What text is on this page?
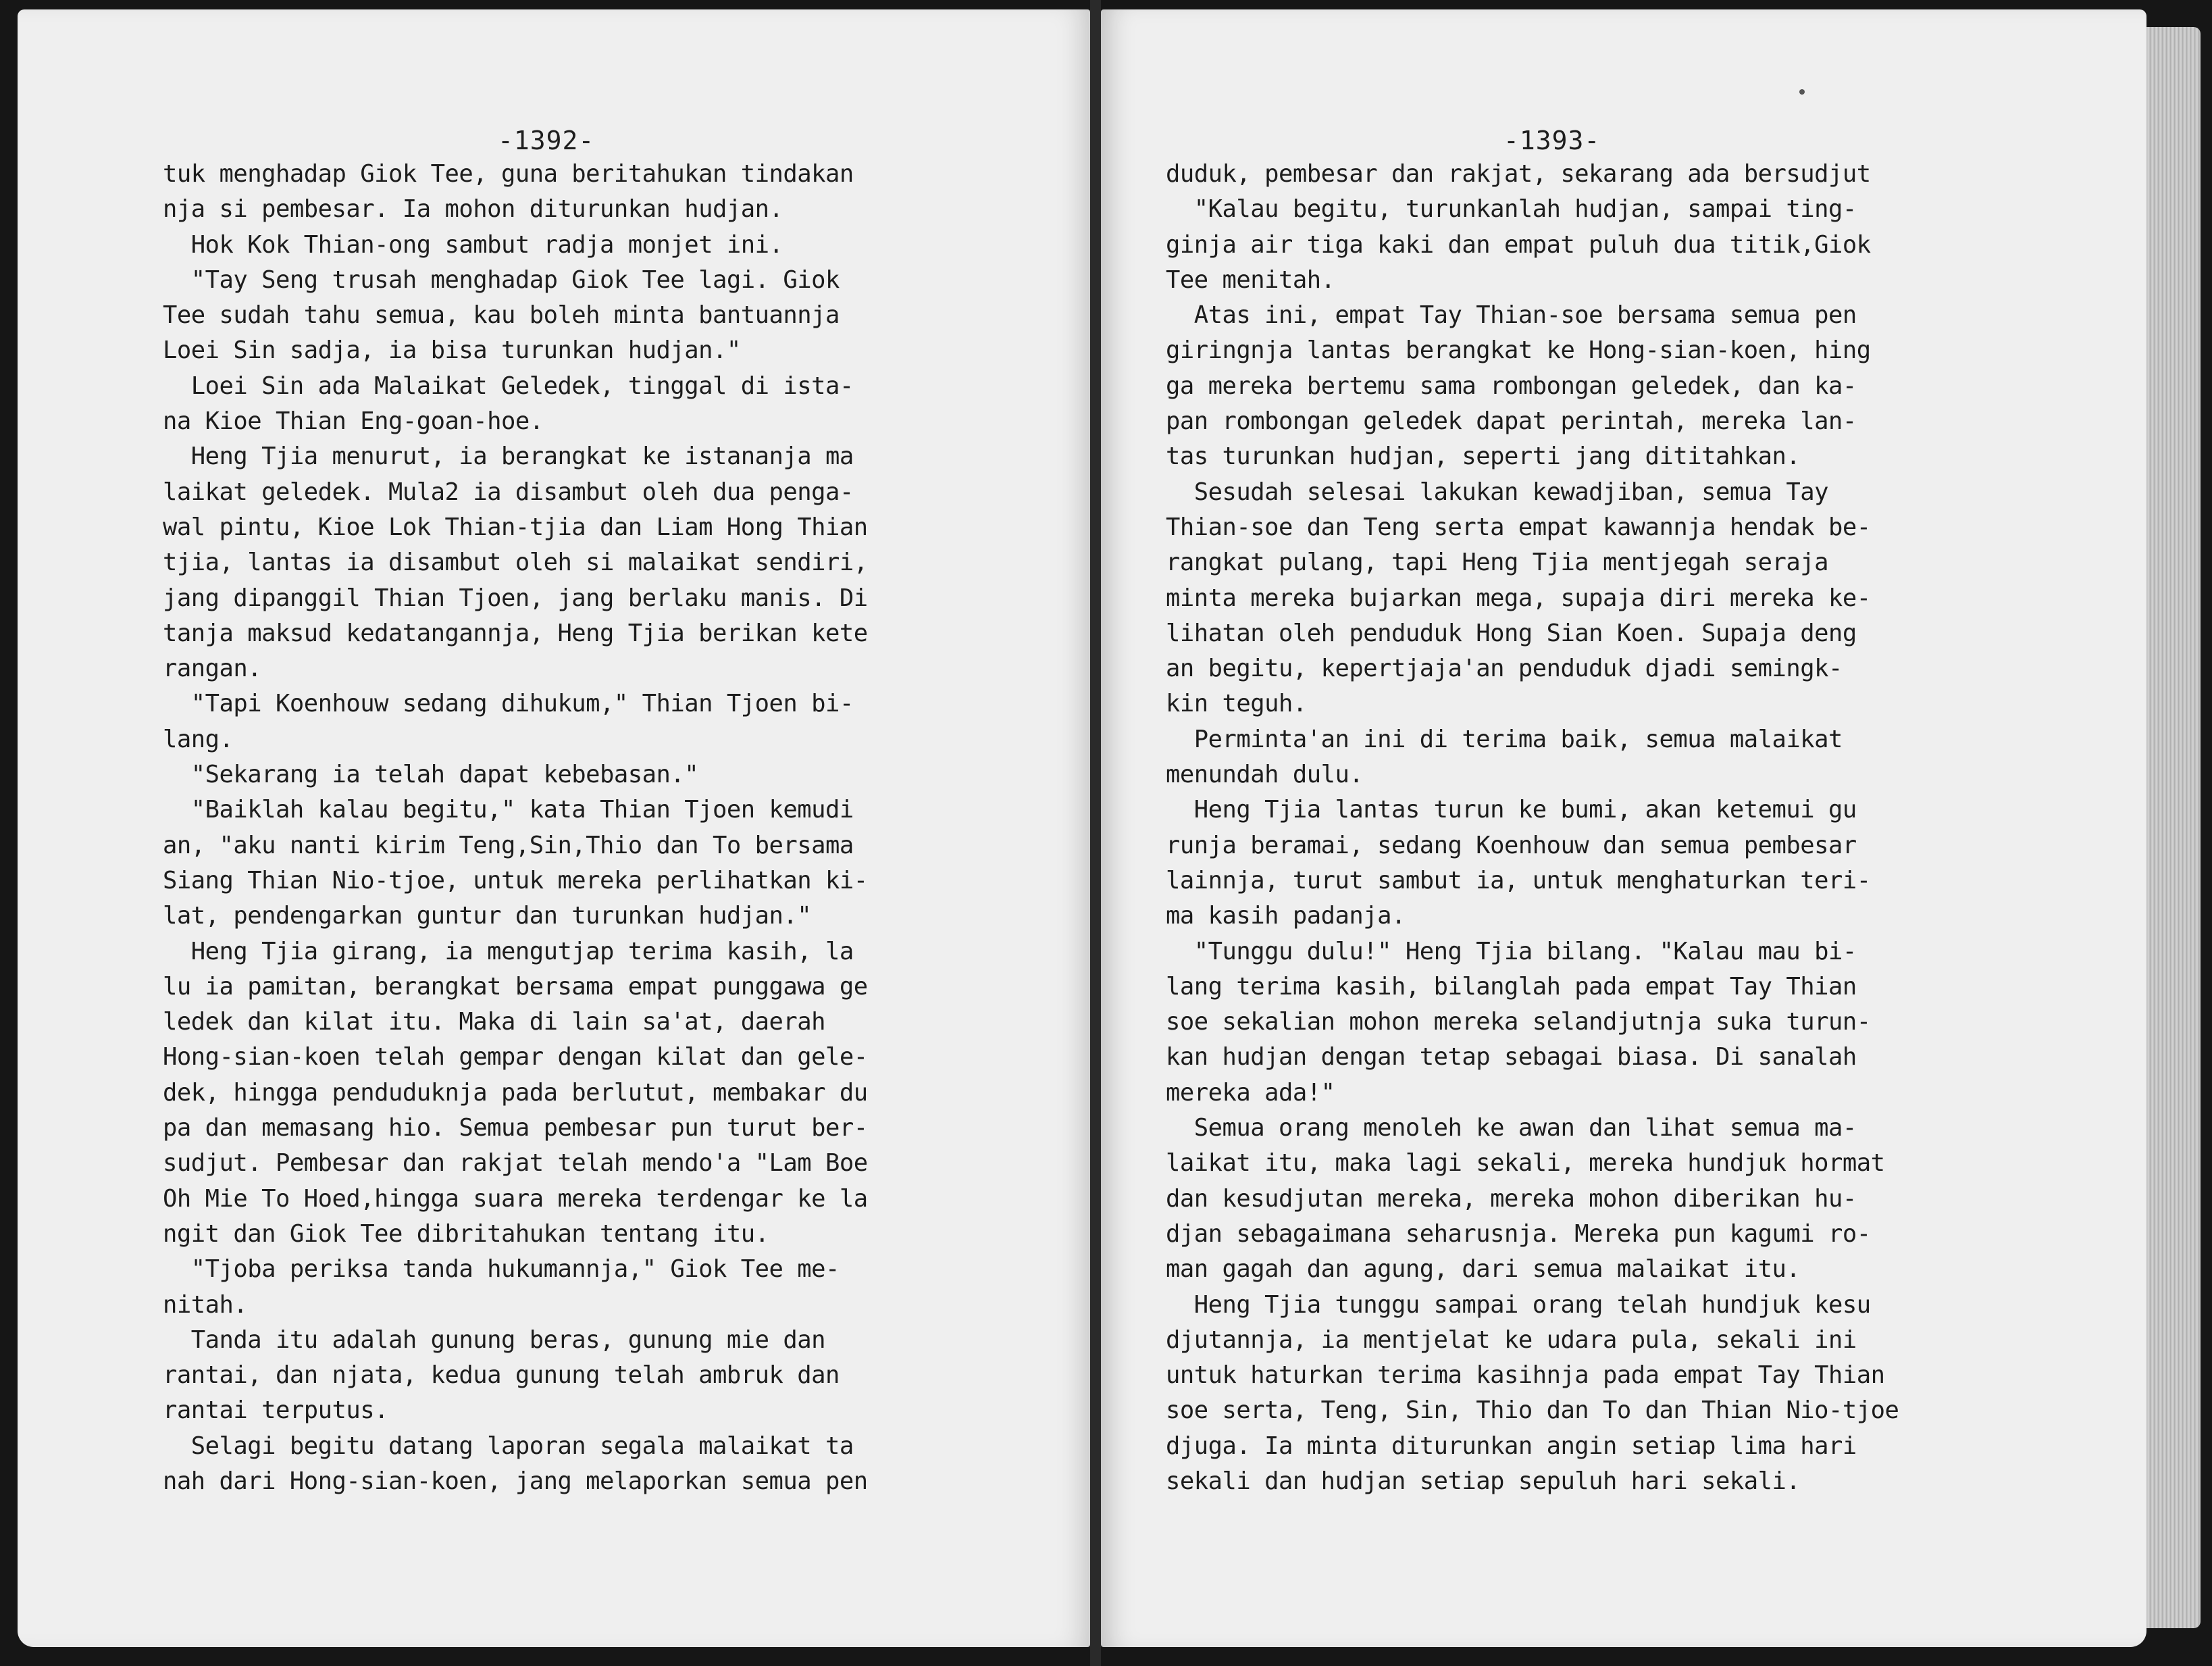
-1392-
tuk menghadap Giok Tee, guna beritahukan tindakan
nja si pembesar. Ia mohon diturunkan hudjan.
Hok Kok Thian-ong sambut radja monjet ini.
"Tay Seng trusah menghadap Giok Tee lagi. Giok
Tee sudah tahu semua, kau boleh minta bantuannja
Loei Sin sadja, ia bisa turunkan hudjan."
Loei Sin ada Malaikat Geledek, tinggal di ista-
na Kioe Thian Eng-goan-hoe.
Heng Tjia menurut, ia berangkat ke istananja ma
laikat geledek. Mula2 ia disambut oleh dua penga-
wal pintu, Kioe Lok Thian-tjia dan Liam Hong Thian
tjia, lantas ia disambut oleh si malaikat sendiri,
jang dipanggil Thian Tjoen, jang berlaku manis. Di
tanja maksud kedatangannja, Heng Tjia berikan kete
rangan.
"Tapi Koenhouw sedang dihukum," Thian Tjoen bi-
lang.
"Sekarang ia telah dapat kebebasan."
"Baiklah kalau begitu," kata Thian Tjoen kemudi
an, "aku nanti kirim Teng,Sin,Thio dan To bersama
Siang Thian Nio-tjoe, untuk mereka perlihatkan ki-
lat, pendengarkan guntur dan turunkan hudjan."
Heng Tjia girang, ia mengutjap terima kasih, la
lu ia pamitan, berangkat bersama empat punggawa ge
ledek dan kilat itu. Maka di lain sa'at, daerah
Hong-sian-koen telah gempar dengan kilat dan gele-
dek, hingga penduduknja pada berlutut, membakar du
pa dan memasang hio. Semua pembesar pun turut ber-
sudjut. Pembesar dan rakjat telah mendo'a "Lam Boe
Oh Mie To Hoed,hingga suara mereka terdengar ke la
ngit dan Giok Tee dibritahukan tentang itu.
"Tjoba periksa tanda hukumannja," Giok Tee me-
nitah.
Tanda itu adalah gunung beras, gunung mie dan
rantai, dan njata, kedua gunung telah ambruk dan
rantai terputus.
Selagi begitu datang laporan segala malaikat ta
nah dari Hong-sian-koen, jang melaporkan semua pen
-1393-
duduk, pembesar dan rakjat, sekarang ada bersudjut
"Kalau begitu, turunkanlah hudjan, sampai ting-
ginja air tiga kaki dan empat puluh dua titik,Giok
Tee menitah.
Atas ini, empat Tay Thian-soe bersama semua pen
giringnja lantas berangkat ke Hong-sian-koen, hing
ga mereka bertemu sama rombongan geledek, dan ka-
pan rombongan geledek dapat perintah, mereka lan-
tas turunkan hudjan, seperti jang dititahkan.
Sesudah selesai lakukan kewadjiban, semua Tay
Thian-soe dan Teng serta empat kawannja hendak be-
rangkat pulang, tapi Heng Tjia mentjegah seraja
minta mereka bujarkan mega, supaja diri mereka ke-
lihatan oleh penduduk Hong Sian Koen. Supaja deng
an begitu, kepertjaja'an penduduk djadi semingk-
kin teguh.
Perminta'an ini di terima baik, semua malaikat
menundah dulu.
Heng Tjia lantas turun ke bumi, akan ketemui gu
runja beramai, sedang Koenhouw dan semua pembesar
lainnja, turut sambut ia, untuk menghaturkan teri-
ma kasih padanja.
"Tunggu dulu!" Heng Tjia bilang. "Kalau mau bi-
lang terima kasih, bilanglah pada empat Tay Thian
soe sekalian mohon mereka selandjutnja suka turun-
kan hudjan dengan tetap sebagai biasa. Di sanalah
mereka ada!"
Semua orang menoleh ke awan dan lihat semua ma-
laikat itu, maka lagi sekali, mereka hundjuk hormat
dan kesudjutan mereka, mereka mohon diberikan hu-
djan sebagaimana seharusnja. Mereka pun kagumi ro-
man gagah dan agung, dari semua malaikat itu.
Heng Tjia tunggu sampai orang telah hundjuk kesu
djutannja, ia mentjelat ke udara pula, sekali ini
untuk haturkan terima kasihnja pada empat Tay Thian
soe serta, Teng, Sin, Thio dan To dan Thian Nio-tjoe
djuga. Ia minta diturunkan angin setiap lima hari
sekali dan hudjan setiap sepuluh hari sekali.
